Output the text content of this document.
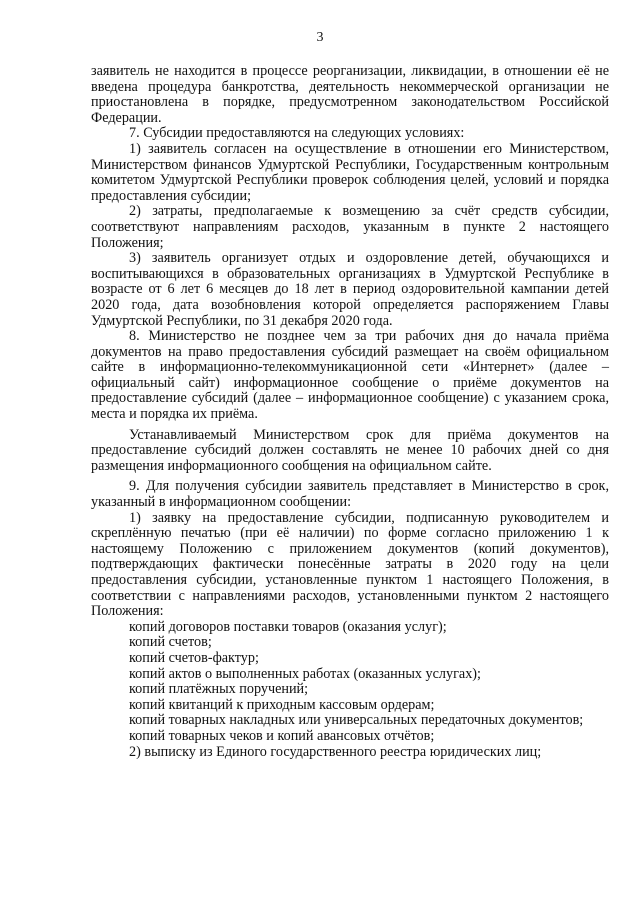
3

заявитель не находится в процессе реорганизации, ликвидации, в отношении её не введена процедура банкротства, деятельность некоммерческой организации не приостановлена в порядке, предусмотренном законодательством Российской Федерации.

7. Субсидии предоставляются на следующих условиях:

1) заявитель согласен на осуществление в отношении его Министерством, Министерством финансов Удмуртской Республики, Государственным контрольным комитетом Удмуртской Республики проверок соблюдения целей, условий и порядка предоставления субсидии;

2) затраты, предполагаемые к возмещению за счёт средств субсидии, соответствуют направлениям расходов, указанным в пункте 2 настоящего Положения;

3) заявитель организует отдых и оздоровление детей, обучающихся и воспитывающихся в образовательных организациях в Удмуртской Республике в возрасте от 6 лет 6 месяцев до 18 лет в период оздоровительной кампании детей 2020 года, дата возобновления которой определяется распоряжением Главы Удмуртской Республики, по 31 декабря 2020 года.

8. Министерство не позднее чем за три рабочих дня до начала приёма документов на право предоставления субсидий размещает на своём официальном сайте в информационно-телекоммуникационной сети «Интернет» (далее – официальный сайт) информационное сообщение о приёме документов на предоставление субсидий (далее – информационное сообщение) с указанием срока, места и порядка их приёма.

Устанавливаемый Министерством срок для приёма документов на предоставление субсидий должен составлять не менее 10 рабочих дней со дня размещения информационного сообщения на официальном сайте.

9. Для получения субсидии заявитель представляет в Министерство в срок, указанный в информационном сообщении:

1) заявку на предоставление субсидии, подписанную руководителем и скреплённую печатью (при её наличии) по форме согласно приложению 1 к настоящему Положению с приложением документов (копий документов), подтверждающих фактически понесённые затраты в 2020 году на цели предоставления субсидии, установленные пунктом 1 настоящего Положения, в соответствии с направлениями расходов, установленными пунктом 2 настоящего Положения:

копий договоров поставки товаров (оказания услуг);

копий счетов;

копий счетов-фактур;

копий актов о выполненных работах (оказанных услугах);

копий платёжных поручений;

копий квитанций к приходным кассовым ордерам;

копий товарных накладных или универсальных передаточных документов;

копий товарных чеков и копий авансовых отчётов;

2) выписку из Единого государственного реестра юридических лиц;
